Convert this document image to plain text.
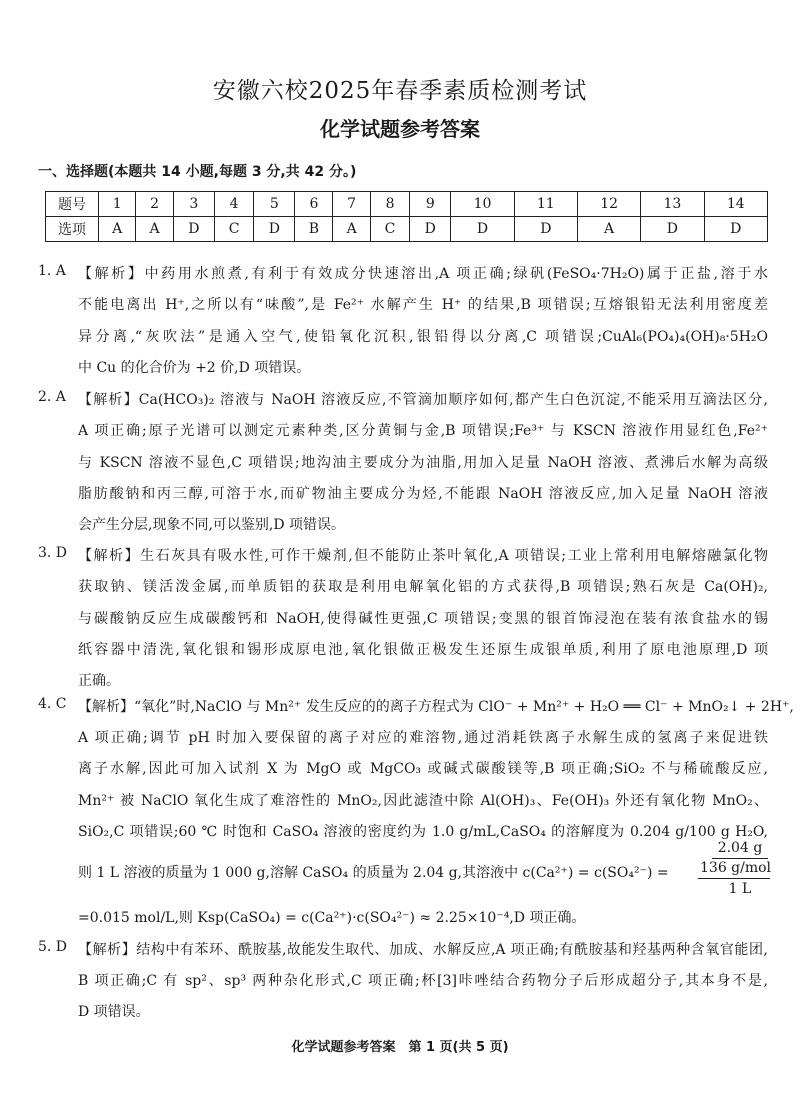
安徽六校2025年春季素质检测考试
化学试题参考答案
一、选择题(本题共 14 小题,每题 3 分,共 42 分。)
题号	1	2	3	4	5	6	7	8	9	10	11	12	13	14
选项	A	A	D	C	D	B	A	C	D	D	D	A	D	D
1. A 【解析】中药用水煎煮,有利于有效成分快速溶出,A 项正确;绿矾(FeSO₄·7H₂O)属于正盐,溶于水
不能电离出 H⁺,之所以有“味酸”,是 Fe²⁺ 水解产生 H⁺ 的结果,B 项错误;互熔银铅无法利用密度差
异分离,“灰吹法”是通入空气,使铅氧化沉积,银铅得以分离,C 项错误;CuAl₆(PO₄)₄(OH)₈·5H₂O
中 Cu 的化合价为 +2 价,D 项错误。
2. A 【解析】Ca(HCO₃)₂ 溶液与 NaOH 溶液反应,不管滴加顺序如何,都产生白色沉淀,不能采用互滴法区分,
A 项正确;原子光谱可以测定元素种类,区分黄铜与金,B 项错误;Fe³⁺ 与 KSCN 溶液作用显红色,Fe²⁺
与 KSCN 溶液不显色,C 项错误;地沟油主要成分为油脂,用加入足量 NaOH 溶液、煮沸后水解为高级
脂肪酸钠和丙三醇,可溶于水,而矿物油主要成分为烃,不能跟 NaOH 溶液反应,加入足量 NaOH 溶液
会产生分层,现象不同,可以鉴别,D 项错误。
3. D 【解析】生石灰具有吸水性,可作干燥剂,但不能防止茶叶氧化,A 项错误;工业上常利用电解熔融氯化物
获取钠、镁活泼金属,而单质铝的获取是利用电解氧化铝的方式获得,B 项错误;熟石灰是 Ca(OH)₂,
与碳酸钠反应生成碳酸钙和 NaOH,使得碱性更强,C 项错误;变黑的银首饰浸泡在装有浓食盐水的锡
纸容器中清洗,氧化银和锡形成原电池,氧化银做正极发生还原生成银单质,利用了原电池原理,D 项
正确。
4. C 【解析】“氧化”时,NaClO 与 Mn²⁺ 发生反应的的离子方程式为 ClO⁻ + Mn²⁺ + H₂O ══ Cl⁻ + MnO₂↓ + 2H⁺,
A 项正确;调节 pH 时加入要保留的离子对应的难溶物,通过消耗铁离子水解生成的氢离子来促进铁
离子水解,因此可加入试剂 X 为 MgO 或 MgCO₃ 或碱式碳酸镁等,B 项正确;SiO₂ 不与稀硫酸反应,
Mn²⁺ 被 NaClO 氧化生成了难溶性的 MnO₂,因此滤渣中除 Al(OH)₃、Fe(OH)₃ 外还有氧化物 MnO₂、
SiO₂,C 项错误;60 ℃ 时饱和 CaSO₄ 溶液的密度约为 1.0 g/mL,CaSO₄ 的溶解度为 0.204 g/100 g H₂O,
则 1 L 溶液的质量为 1 000 g,溶解 CaSO₄ 的质量为 2.04 g,其溶液中 c(Ca²⁺) = c(SO₄²⁻) =
2.04 g
136 g/mol
1 L
=0.015 mol/L,则 Ksp(CaSO₄) = c(Ca²⁺)·c(SO₄²⁻) ≈ 2.25×10⁻⁴,D 项正确。
5. D 【解析】结构中有苯环、酰胺基,故能发生取代、加成、水解反应,A 项正确;有酰胺基和羟基两种含氧官能团,
B 项正确;C 有 sp²、sp³ 两种杂化形式,C 项正确;杯[3]咔唑结合药物分子后形成超分子,其本身不是,
D 项错误。
化学试题参考答案　第 1 页(共 5 页)
